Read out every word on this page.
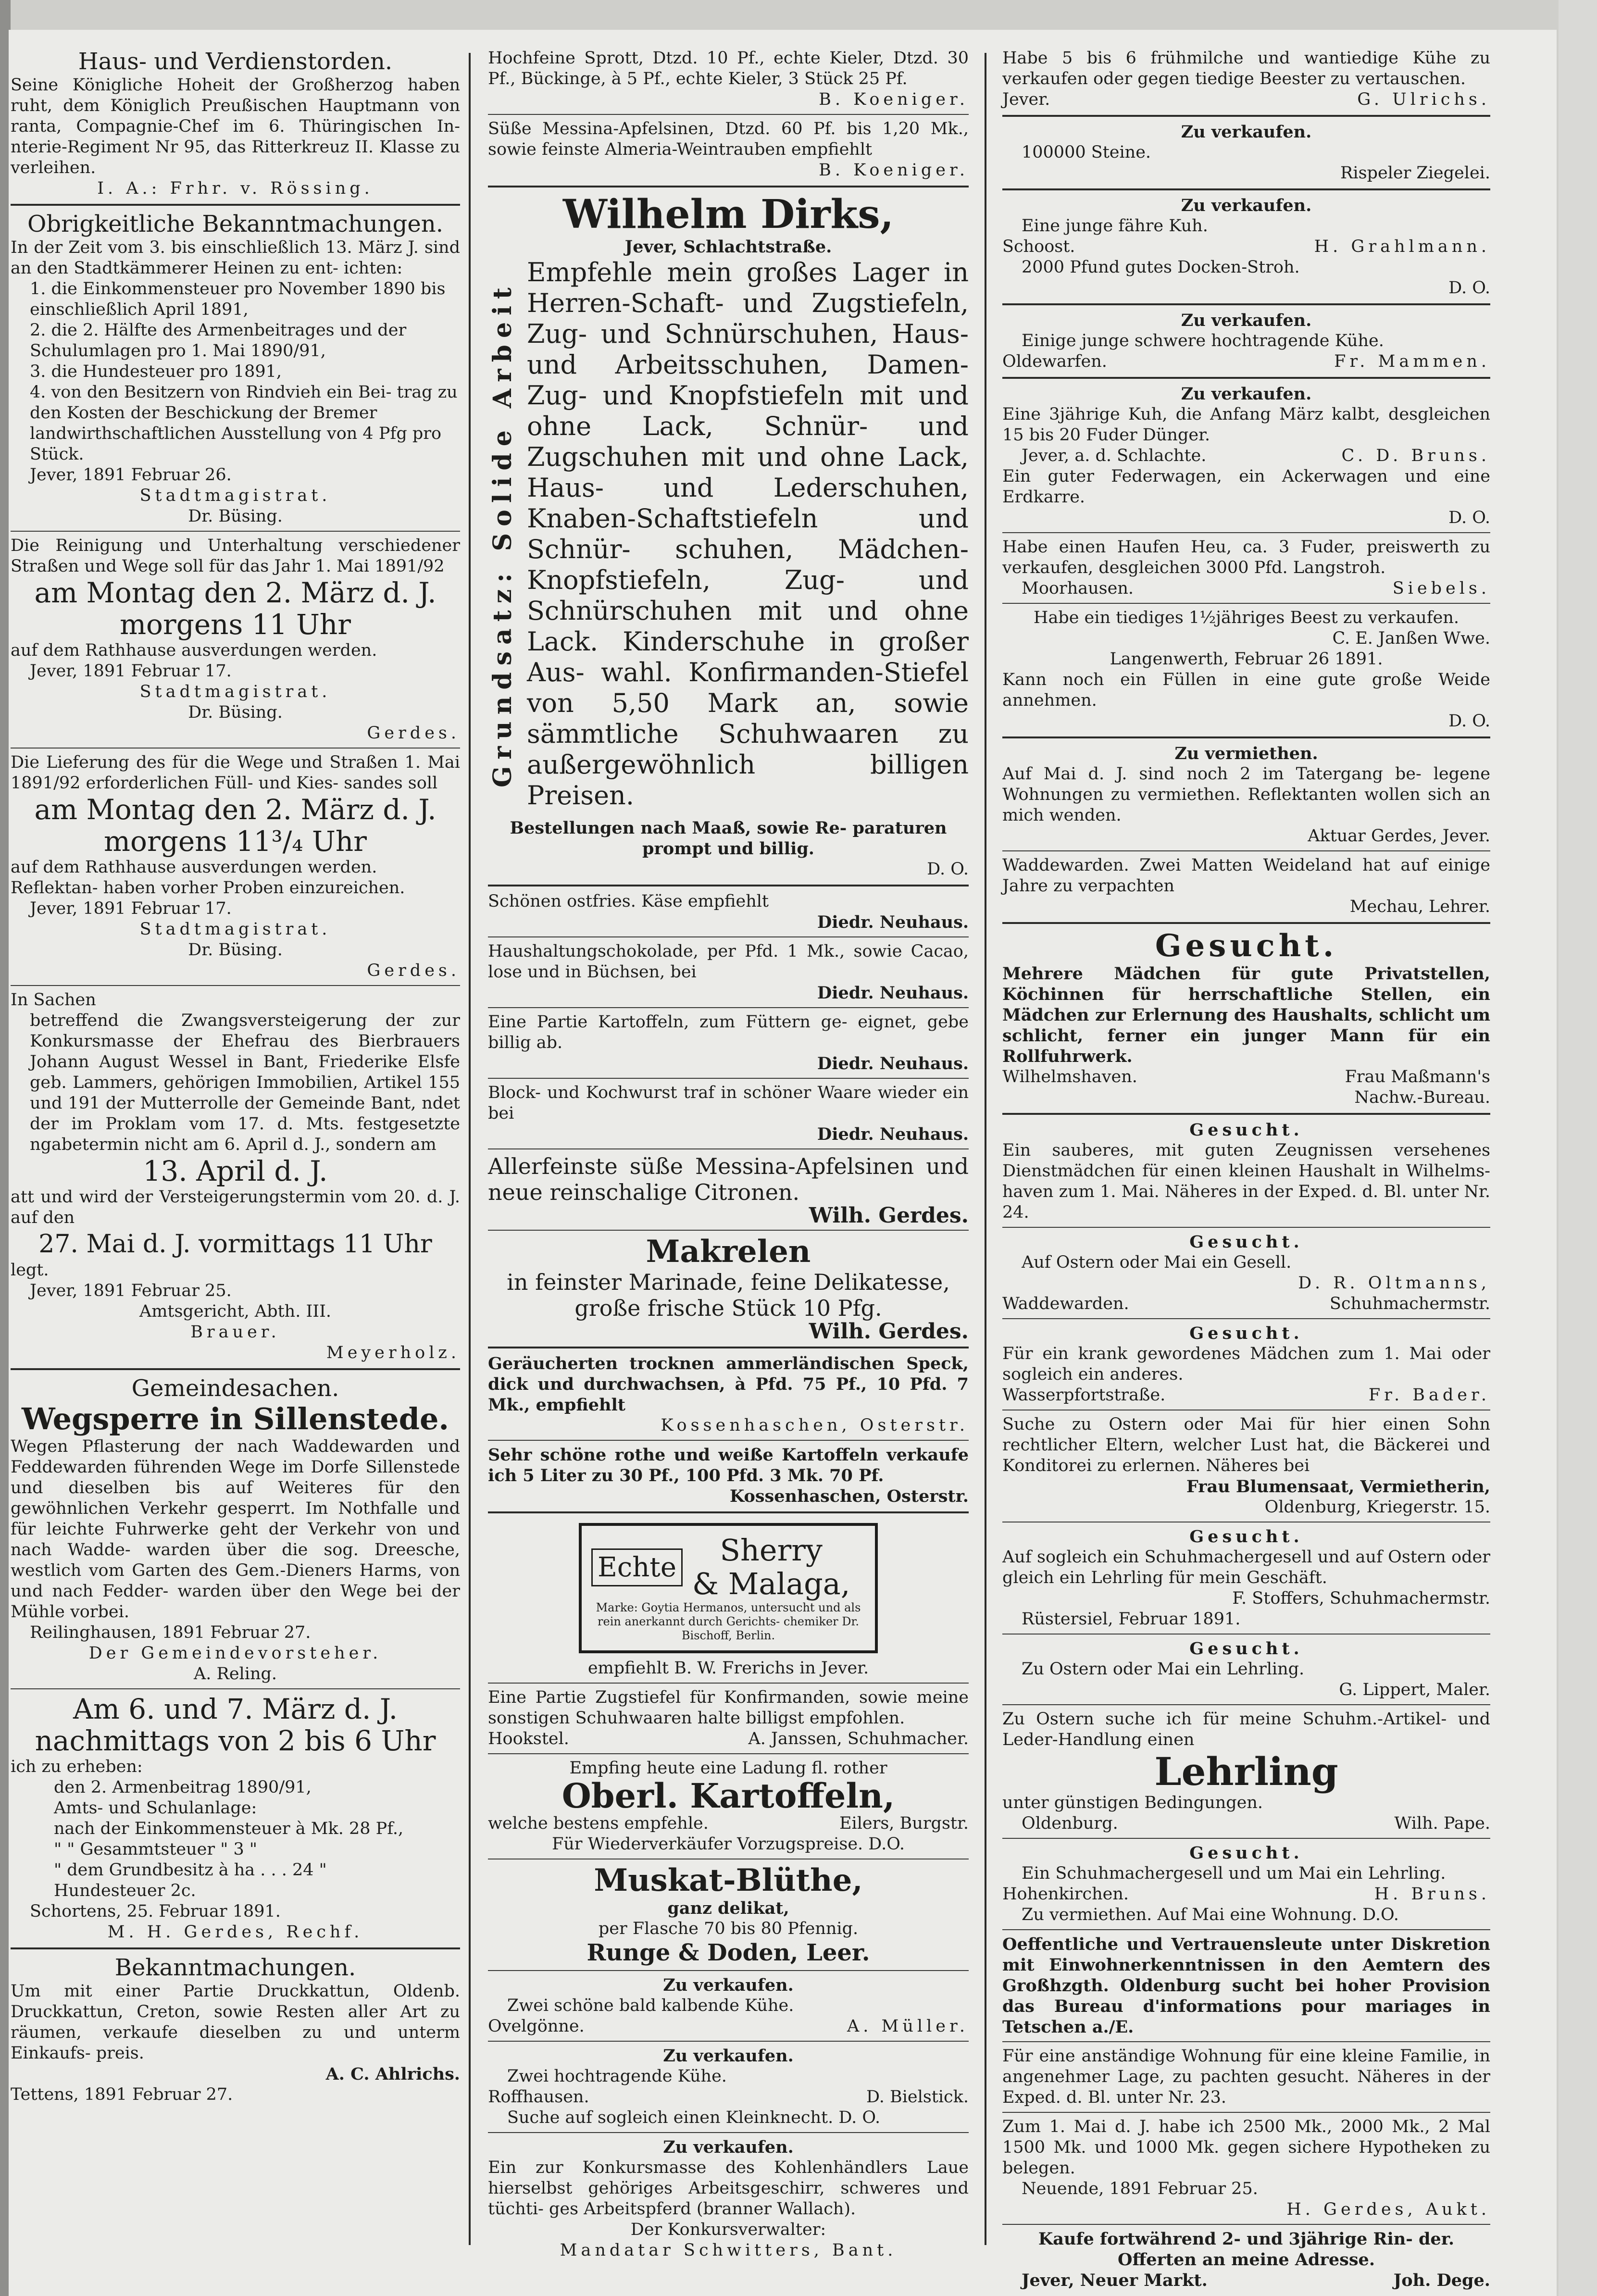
Haus- und Verdienstorden.
Seine Königliche Hoheit der Großherzog haben ruht, dem Königlich Preußischen Hauptmann von ranta, Compagnie-Chef im 6. Thüringischen In- nterie-Regiment Nr 95, das Ritterkreuz II. Klasse zu verleihen.
I. A.: Frhr. v. Rössing.
Obrigkeitliche Bekanntmachungen.
In der Zeit vom 3. bis einschließlich 13. März J. sind an den Stadtkämmerer Heinen zu ent- ichten:
1. die Einkommensteuer pro November 1890 bis einschließlich April 1891,
2. die 2. Hälfte des Armenbeitrages und der Schulumlagen pro 1. Mai 1890/91,
3. die Hundesteuer pro 1891,
4. von den Besitzern von Rindvieh ein Bei- trag zu den Kosten der Beschickung der Bremer landwirthschaftlichen Ausstellung von 4 Pfg pro Stück.
Jever, 1891 Februar 26.
Stadtmagistrat.
Dr. Büsing.
Die Reinigung und Unterhaltung verschiedener Straßen und Wege soll für das Jahr 1. Mai 1891/92
am Montag den 2. März d. J.
morgens 11 Uhr
auf dem Rathhause ausverdungen werden.
Jever, 1891 Februar 17.
Stadtmagistrat.
Dr. Büsing.
Gerdes.
Die Lieferung des für die Wege und Straßen 1. Mai 1891/92 erforderlichen Füll- und Kies- sandes soll
am Montag den 2. März d. J.
morgens 11³/₄ Uhr
auf dem Rathhause ausverdungen werden. Reflektan- haben vorher Proben einzureichen.
Jever, 1891 Februar 17.
Stadtmagistrat.
Dr. Büsing.
Gerdes.
In Sachen
betreffend die Zwangsversteigerung der zur Konkursmasse der Ehefrau des Bierbrauers Johann August Wessel in Bant, Friederike Elsfe geb. Lammers, gehörigen Immobilien, Artikel 155 und 191 der Mutterrolle der Gemeinde Bant, ndet der im Proklam vom 17. d. Mts. festgesetzte ngabetermin nicht am 6. April d. J., sondern am
13. April d. J.
att und wird der Versteigerungstermin vom 20. d. J. auf den
27. Mai d. J. vormittags 11 Uhr
legt.
Jever, 1891 Februar 25.
Amtsgericht, Abth. III.
Brauer.
Meyerholz.
Gemeindesachen.
Wegsperre in Sillenstede.
Wegen Pflasterung der nach Waddewarden und Feddewarden führenden Wege im Dorfe Sillenstede und dieselben bis auf Weiteres für den gewöhnlichen Verkehr gesperrt. Im Nothfalle und für leichte Fuhrwerke geht der Verkehr von und nach Wadde- warden über die sog. Dreesche, westlich vom Garten des Gem.-Dieners Harms, von und nach Fedder- warden über den Wege bei der Mühle vorbei.
Reilinghausen, 1891 Februar 27.
Der Gemeindevorsteher.
A. Reling.
Am 6. und 7. März d. J.
nachmittags von 2 bis 6 Uhr
ich zu erheben:
den 2. Armenbeitrag 1890/91,
Amts- und Schulanlage:
nach der Einkommensteuer à Mk. 28 Pf.,
" " Gesammtsteuer " 3 "
" dem Grundbesitz à ha . . . 24 "
Hundesteuer 2c.
Schortens, 25. Februar 1891.
M. H. Gerdes, Rechf.
Bekanntmachungen.
Um mit einer Partie Druckkattun, Oldenb. Druckkattun, Creton, sowie Resten aller Art zu räumen, verkaufe dieselben zu und unterm Einkaufs- preis.
A. C. Ahlrichs.
Tettens, 1891 Februar 27.
Hochfeine Sprott, Dtzd. 10 Pf., echte Kieler, Dtzd. 30 Pf., Bückinge, à 5 Pf., echte Kieler, 3 Stück 25 Pf.
B. Koeniger.
Süße Messina-Apfelsinen, Dtzd. 60 Pf. bis 1,20 Mk., sowie feinste Almeria-Weintrauben empfiehlt
B. Koeniger.
Wilhelm Dirks,
Jever, Schlachtstraße.
Grundsatz: Solide Arbeit
Empfehle mein großes Lager in Herren-Schaft- und Zugstiefeln, Zug- und Schnürschuhen, Haus- und Arbeitsschuhen, Damen-Zug- und Knopfstiefeln mit und ohne Lack, Schnür- und Zugschuhen mit und ohne Lack, Haus- und Lederschuhen, Knaben-Schaftstiefeln und Schnür- schuhen, Mädchen-Knopfstiefeln, Zug- und Schnürschuhen mit und ohne Lack. Kinderschuhe in großer Aus- wahl. Konfirmanden-Stiefel von 5,50 Mark an, sowie sämmtliche Schuhwaaren zu außergewöhnlich billigen Preisen.
Bestellungen nach Maaß, sowie Re- paraturen prompt und billig.
D. O.
Schönen ostfries. Käse empfiehlt
Diedr. Neuhaus.
Haushaltungschokolade, per Pfd. 1 Mk., sowie Cacao, lose und in Büchsen, bei
Diedr. Neuhaus.
Eine Partie Kartoffeln, zum Füttern ge- eignet, gebe billig ab.
Diedr. Neuhaus.
Block- und Kochwurst traf in schöner Waare wieder ein bei
Diedr. Neuhaus.
Allerfeinste süße Messina-Apfelsinen und neue reinschalige Citronen.
Wilh. Gerdes.
Makrelen
in feinster Marinade, feine Delikatesse, große frische Stück 10 Pfg.
Wilh. Gerdes.
Geräucherten trocknen ammerländischen Speck, dick und durchwachsen, à Pfd. 75 Pf., 10 Pfd. 7 Mk., empfiehlt
Kossenhaschen, Osterstr.
Sehr schöne rothe und weiße Kartoffeln verkaufe ich 5 Liter zu 30 Pf., 100 Pfd. 3 Mk. 70 Pf.
Kossenhaschen, Osterstr.
Echte	Sherry
& Malaga,
Marke: Goytia Hermanos, untersucht und als rein anerkannt durch Gerichts- chemiker Dr. Bischoff, Berlin.
empfiehlt B. W. Frerichs in Jever.
Eine Partie Zugstiefel für Konfirmanden, sowie meine sonstigen Schuhwaaren halte billigst empfohlen.
Hookstel.	A. Janssen, Schuhmacher.
Empfing heute eine Ladung fl. rother
Oberl. Kartoffeln,
welche bestens empfehle.	Eilers, Burgstr.
Für Wiederverkäufer Vorzugspreise. D.O.
Muskat-Blüthe,
ganz delikat,
per Flasche 70 bis 80 Pfennig.
Runge & Doden, Leer.
Zu verkaufen.
Zwei schöne bald kalbende Kühe.
Ovelgönne.	A. Müller.
Zu verkaufen.
Zwei hochtragende Kühe.
Roffhausen.	D. Bielstick.
Suche auf sogleich einen Kleinknecht. D. O.
Zu verkaufen.
Ein zur Konkursmasse des Kohlenhändlers Laue hierselbst gehöriges Arbeitsgeschirr, schweres und tüchti- ges Arbeitspferd (branner Wallach).
Der Konkursverwalter:
Mandatar Schwitters, Bant.
Habe 5 bis 6 frühmilche und wantiedige Kühe zu verkaufen oder gegen tiedige Beester zu vertauschen.
Jever.	G. Ulrichs.
Zu verkaufen.
100000 Steine.
Rispeler Ziegelei.
Zu verkaufen.
Eine junge fähre Kuh.
Schoost.	H. Grahlmann.
2000 Pfund gutes Docken-Stroh.
D. O.
Zu verkaufen.
Einige junge schwere hochtragende Kühe.
Oldewarfen.	Fr. Mammen.
Zu verkaufen.
Eine 3jährige Kuh, die Anfang März kalbt, desgleichen 15 bis 20 Fuder Dünger.
Jever, a. d. Schlachte.	C. D. Bruns.
Ein guter Federwagen, ein Ackerwagen und eine Erdkarre.
D. O.
Habe einen Haufen Heu, ca. 3 Fuder, preiswerth zu verkaufen, desgleichen 3000 Pfd. Langstroh.
Moorhausen.	Siebels.
Habe ein tiediges 1½jähriges Beest zu verkaufen.
C. E. Janßen Wwe.
Langenwerth, Februar 26 1891.
Kann noch ein Füllen in eine gute große Weide annehmen.
D. O.
Zu vermiethen.
Auf Mai d. J. sind noch 2 im Tatergang be- legene Wohnungen zu vermiethen. Reflektanten wollen sich an mich wenden.
Aktuar Gerdes, Jever.
Waddewarden. Zwei Matten Weideland hat auf einige Jahre zu verpachten
Mechau, Lehrer.
Gesucht.
Mehrere Mädchen für gute Privatstellen, Köchinnen für herrschaftliche Stellen, ein Mädchen zur Erlernung des Haushalts, schlicht um schlicht, ferner ein junger Mann für ein Rollfuhrwerk.
Wilhelmshaven.	Frau Maßmann's
Nachw.-Bureau.
Gesucht.
Ein sauberes, mit guten Zeugnissen versehenes Dienstmädchen für einen kleinen Haushalt in Wilhelms- haven zum 1. Mai. Näheres in der Exped. d. Bl. unter Nr. 24.
Gesucht.
Auf Ostern oder Mai ein Gesell.
D. R. Oltmanns,
Waddewarden.	Schuhmachermstr.
Gesucht.
Für ein krank gewordenes Mädchen zum 1. Mai oder sogleich ein anderes.
Wasserpfortstraße.	Fr. Bader.
Suche zu Ostern oder Mai für hier einen Sohn rechtlicher Eltern, welcher Lust hat, die Bäckerei und Konditorei zu erlernen. Näheres bei
Frau Blumensaat, Vermietherin,
Oldenburg, Kriegerstr. 15.
Gesucht.
Auf sogleich ein Schuhmachergesell und auf Ostern oder gleich ein Lehrling für mein Geschäft.
F. Stoffers, Schuhmachermstr.
Rüstersiel, Februar 1891.
Gesucht.
Zu Ostern oder Mai ein Lehrling.
G. Lippert, Maler.
Zu Ostern suche ich für meine Schuhm.-Artikel- und Leder-Handlung einen
Lehrling
unter günstigen Bedingungen.
Oldenburg.	Wilh. Pape.
Gesucht.
Ein Schuhmachergesell und um Mai ein Lehrling.
Hohenkirchen.	H. Bruns.
Zu vermiethen. Auf Mai eine Wohnung. D.O.
Oeffentliche und Vertrauensleute unter Diskretion mit Einwohnerkenntnissen in den Aemtern des Großhzgth. Oldenburg sucht bei hoher Provision das Bureau d'informations pour mariages in Tetschen a./E.
Für eine anständige Wohnung für eine kleine Familie, in angenehmer Lage, zu pachten gesucht. Näheres in der Exped. d. Bl. unter Nr. 23.
Zum 1. Mai d. J. habe ich 2500 Mk., 2000 Mk., 2 Mal 1500 Mk. und 1000 Mk. gegen sichere Hypotheken zu belegen.
Neuende, 1891 Februar 25.
H. Gerdes, Aukt.
Kaufe fortwährend 2- und 3jährige Rin- der. Offerten an meine Adresse.
Jever, Neuer Markt.	Joh. Dege.
